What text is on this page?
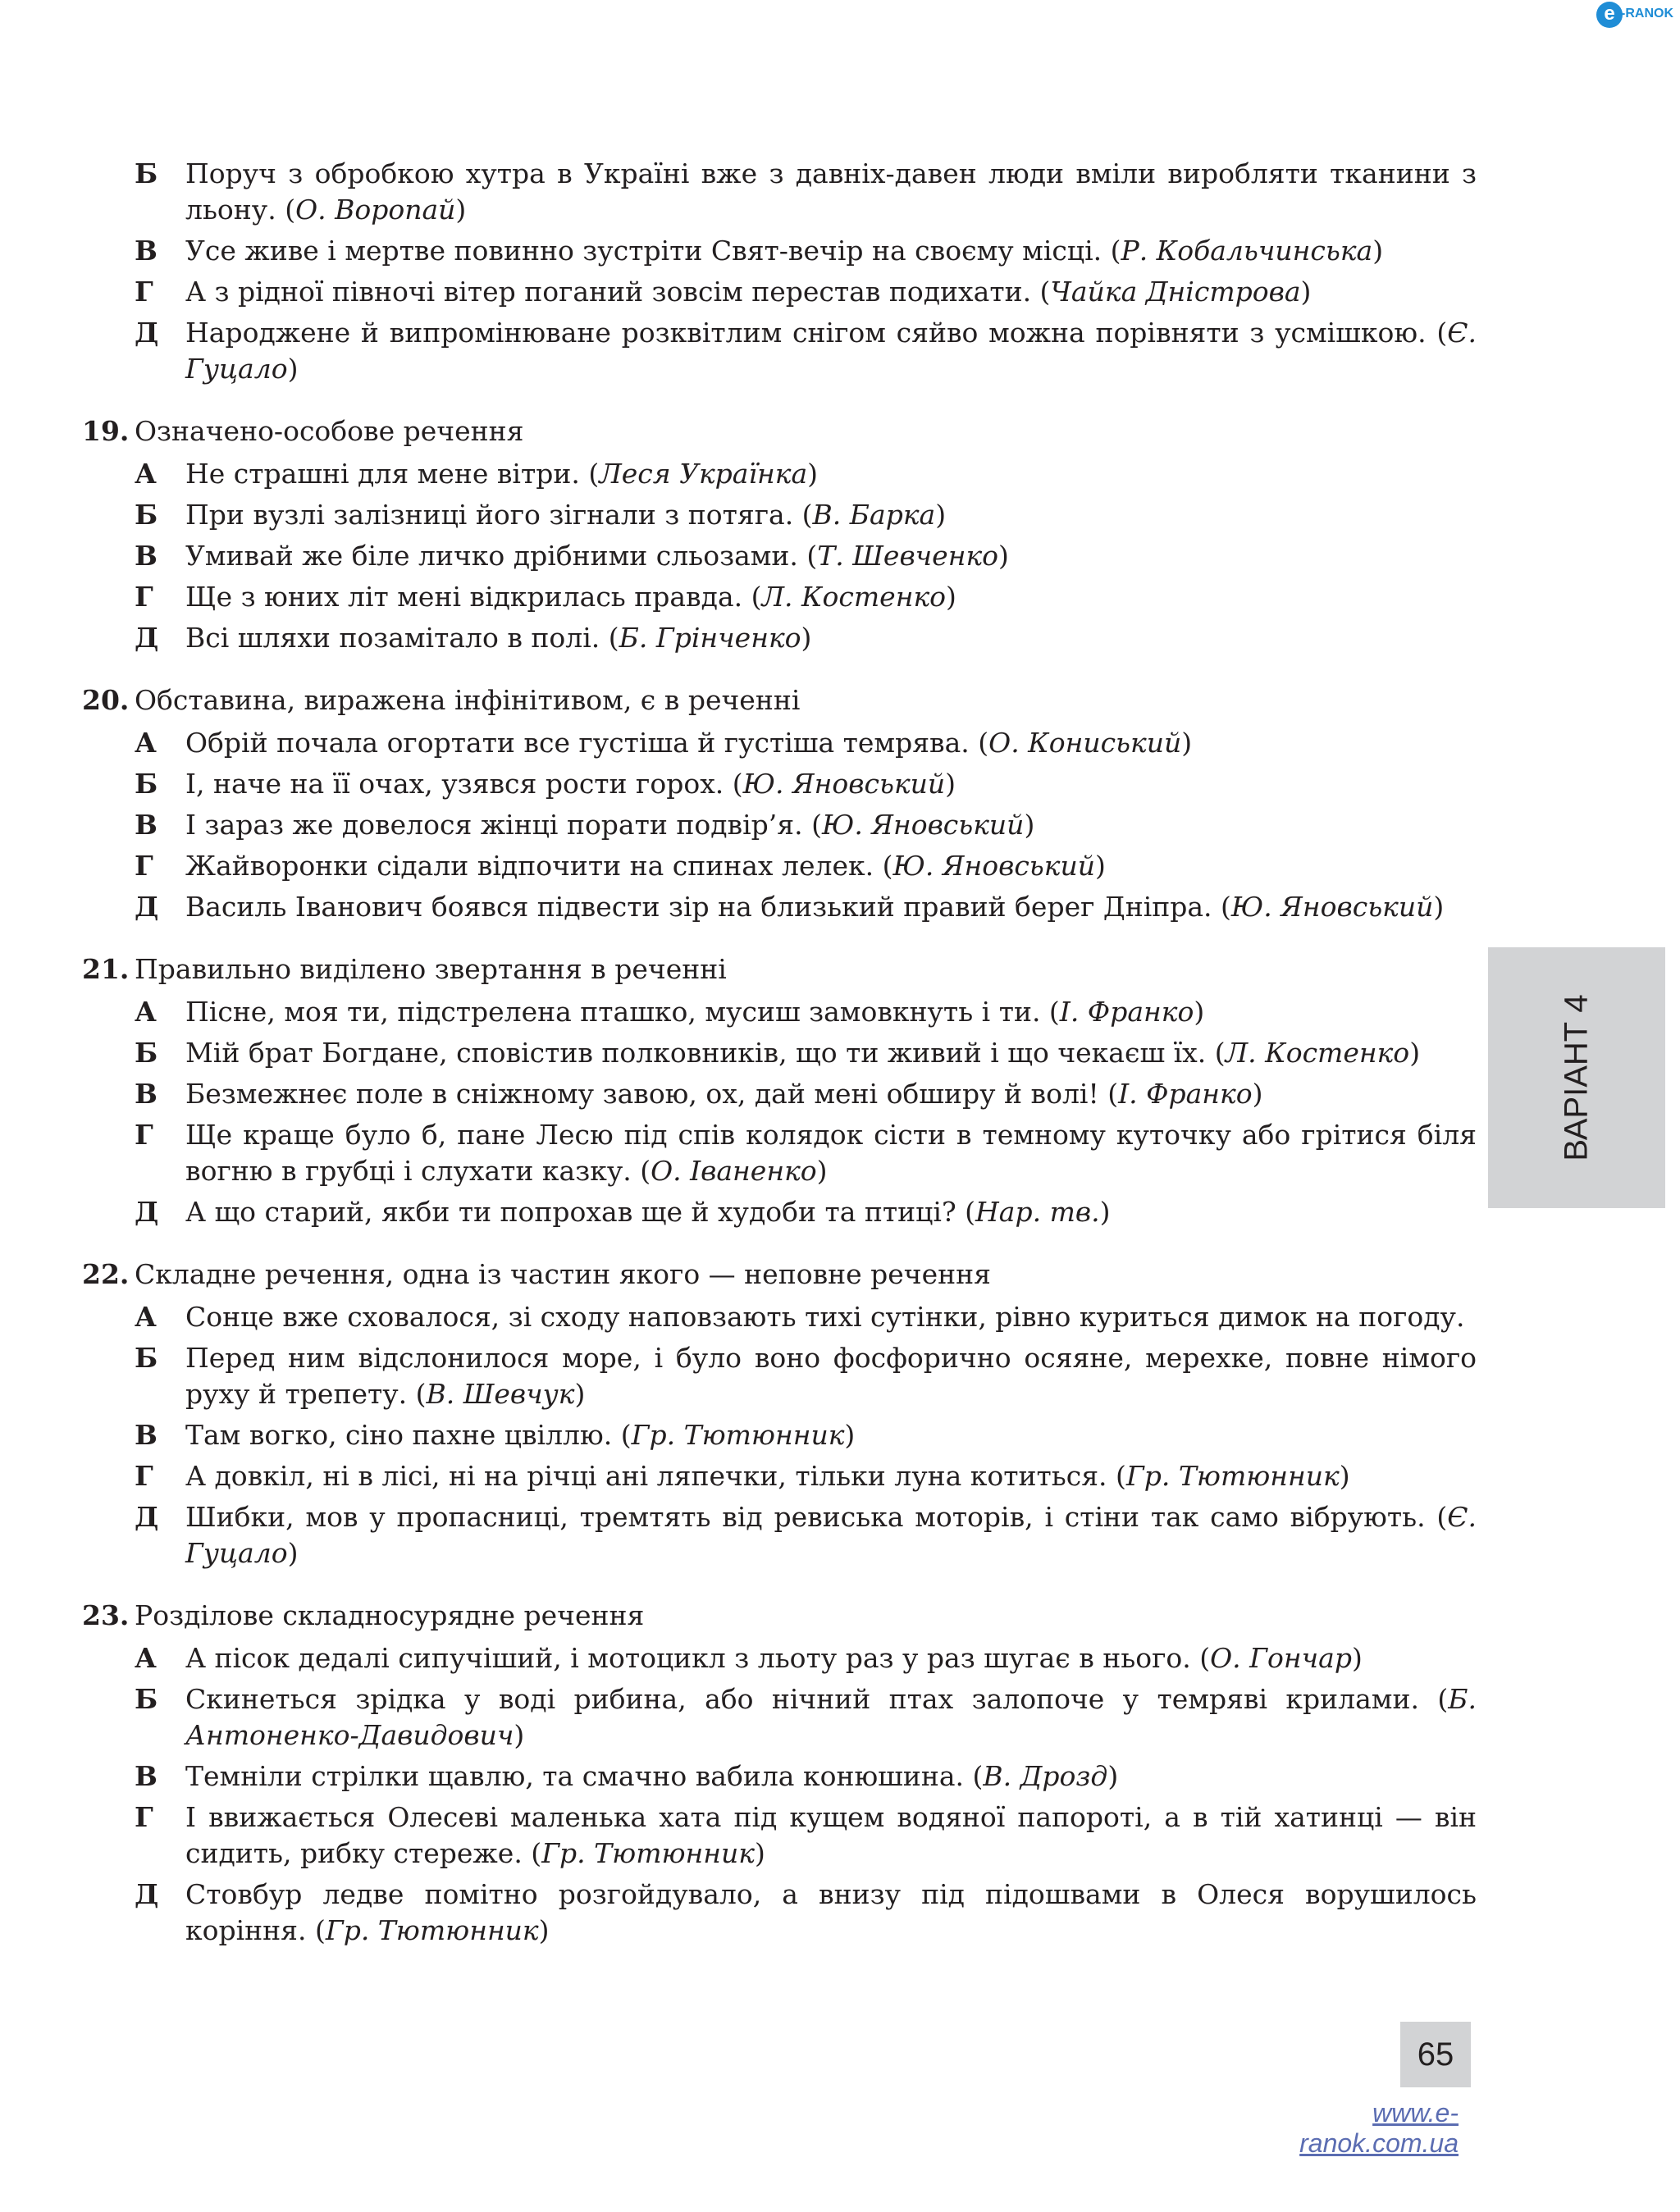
e -RANOK
Б	Поруч з обробкою хутра в Україні вже з давніх-давен люди вміли виробляти тканини з льону. (О. Воропай)
В	Усе живе і мертве повинно зустріти Свят-вечір на своєму місці. (Р. Кобальчинська)
Г	А з рідної півночі вітер поганий зовсім перестав подихати. (Чайка Дністрова)
Д Народжене й випромінюване розквітлим снігом сяйво можна порівняти з усмішкою. (Є. Гуцало)
19. Означено-особове речення
А	Не страшні для мене вітри. (Леся Українка)
Б	При вузлі залізниці його зігнали з потяга. (В. Барка)
В	Умивай же біле личко дрібними сльозами. (Т. Шевченко)
Г	Ще з юних літ мені відкрилась правда. (Л. Костенко)
Д Всі шляхи позамітало в полі. (Б. Грінченко)
20. Обставина, виражена інфінітивом, є в реченні
А	Обрій почала огортати все густіша й густіша темрява. (О. Кониський)
Б	І, наче на її очах, узявся рости горох. (Ю. Яновський)
В	І зараз же довелося жінці порати подвір’я. (Ю. Яновський)
Г	Жайворонки сідали відпочити на спинах лелек. (Ю. Яновський)
Д Василь Іванович боявся підвести зір на близький правий берег Дніпра. (Ю. Яновський)
21. Правильно виділено звертання в реченні
А	Пісне, моя ти, підстрелена пташко, мусиш замовкнуть і ти. (І. Франко)
Б	Мій брат Богдане, сповістив полковників, що ти живий і що чекаєш їх. (Л. Костенко)
В	Безмежнеє поле в сніжному завою, ох, дай мені обширу й волі! (І. Франко)
Г	Ще краще було б, пане Лесю під спів колядок сісти в темному куточку або грітися біля вогню в грубці і слухати казку. (О. Іваненко)
Д А що старий, якби ти попрохав ще й худоби та птиці? (Нар. тв.)
22. Складне речення, одна із частин якого — неповне речення
А	Сонце вже сховалося, зі сходу наповзають тихі сутінки, рівно куриться димок на погоду.
Б	Перед ним відслонилося море, і було воно фосфорично осяяне, мерехке, повне німого руху й трепету. (В. Шевчук)
В	Там вогко, сіно пахне цвіллю. (Гр. Тютюнник)
Г	А довкіл, ні в лісі, ні на річці ані ляпечки, тільки луна котиться. (Гр. Тютюнник)
Д Шибки, мов у пропасниці, тремтять від ревиська моторів, і стіни так само вібрують. (Є. Гуцало)
23. Розділове складносурядне речення
А	А пісок дедалі сипучіший, і мотоцикл з льоту раз у раз шугає в нього. (О. Гончар)
Б	Скинеться зрідка у воді рибина, або нічний птах залопоче у темряві крилами. (Б. Антоненко-Давидович)
В	Темніли стрілки щавлю, та смачно вабила конюшина. (В. Дрозд)
Г	І ввижається Олесеві маленька хата під кущем водяної папороті, а в тій хатинці — він сидить, рибку стереже. (Гр. Тютюнник)
Д Стовбур ледве помітно розгойдувало, а внизу під підошвами в Олеся ворушилось коріння. (Гр. Тютюнник)
ВАРІАНТ 4
65
www.e-ranok.com.ua
